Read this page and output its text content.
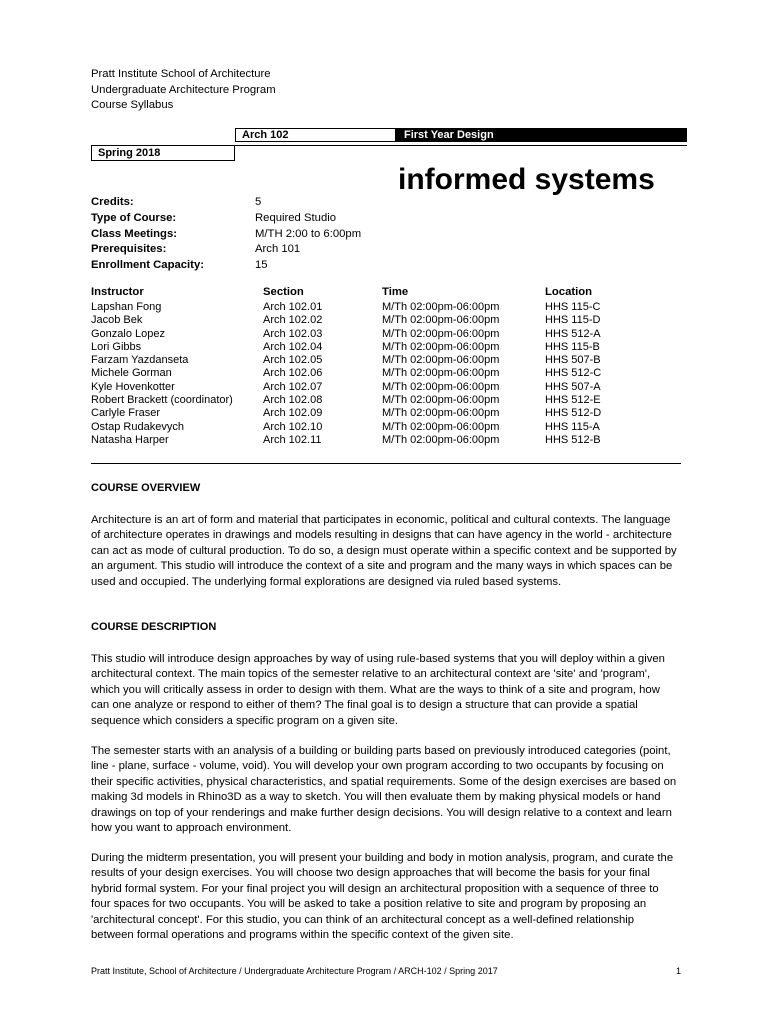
Pratt Institute School of Architecture
Undergraduate Architecture Program
Course Syllabus
Arch 102	First Year Design
Spring 2018
informed systems
Credits:	5
Type of Course:	Required Studio
Class Meetings:	M/TH 2:00 to 6:00pm
Prerequisites:	Arch 101
Enrollment Capacity:	15
Instructor	Section	Time	Location
Lapshan Fong	Arch 102.01	M/Th 02:00pm-06:00pm	HHS 115-C
Jacob Bek	Arch 102.02	M/Th 02:00pm-06:00pm	HHS 115-D
Gonzalo Lopez	Arch 102.03	M/Th 02:00pm-06:00pm	HHS 512-A
Lori Gibbs	Arch 102.04	M/Th 02:00pm-06:00pm	HHS 115-B
Farzam Yazdanseta	Arch 102.05	M/Th 02:00pm-06:00pm	HHS 507-B
Michele Gorman	Arch 102.06	M/Th 02:00pm-06:00pm	HHS 512-C
Kyle Hovenkotter	Arch 102.07	M/Th 02:00pm-06:00pm	HHS 507-A
Robert Brackett (coordinator)	Arch 102.08	M/Th 02:00pm-06:00pm	HHS 512-E
Carlyle Fraser	Arch 102.09	M/Th 02:00pm-06:00pm	HHS 512-D
Ostap Rudakevych	Arch 102.10	M/Th 02:00pm-06:00pm	HHS 115-A
Natasha Harper	Arch 102.11	M/Th 02:00pm-06:00pm	HHS 512-B
COURSE OVERVIEW
Architecture is an art of form and material that participates in economic, political and cultural contexts. The language
of architecture operates in drawings and models resulting in designs that can have agency in the world - architecture
can act as mode of cultural production. To do so, a design must operate within a specific context and be supported by
an argument. This studio will introduce the context of a site and program and the many ways in which spaces can be
used and occupied. The underlying formal explorations are designed via ruled based systems.
COURSE DESCRIPTION
This studio will introduce design approaches by way of using rule-based systems that you will deploy within a given
architectural context. The main topics of the semester relative to an architectural context are 'site' and 'program',
which you will critically assess in order to design with them. What are the ways to think of a site and program, how
can one analyze or respond to either of them? The final goal is to design a structure that can provide a spatial
sequence which considers a specific program on a given site.
The semester starts with an analysis of a building or building parts based on previously introduced categories (point,
line - plane, surface - volume, void). You will develop your own program according to two occupants by focusing on
their specific activities, physical characteristics, and spatial requirements. Some of the design exercises are based on
making 3d models in Rhino3D as a way to sketch. You will then evaluate them by making physical models or hand
drawings on top of your renderings and make further design decisions. You will design relative to a context and learn
how you want to approach environment.
During the midterm presentation, you will present your building and body in motion analysis, program, and curate the
results of your design exercises. You will choose two design approaches that will become the basis for your final
hybrid formal system. For your final project you will design an architectural proposition with a sequence of three to
four spaces for two occupants. You will be asked to take a position relative to site and program by proposing an
'architectural concept'. For this studio, you can think of an architectural concept as a well-defined relationship
between formal operations and programs within the specific context of the given site.
Pratt Institute, School of Architecture / Undergraduate Architecture Program / ARCH-102 / Spring 2017	1
